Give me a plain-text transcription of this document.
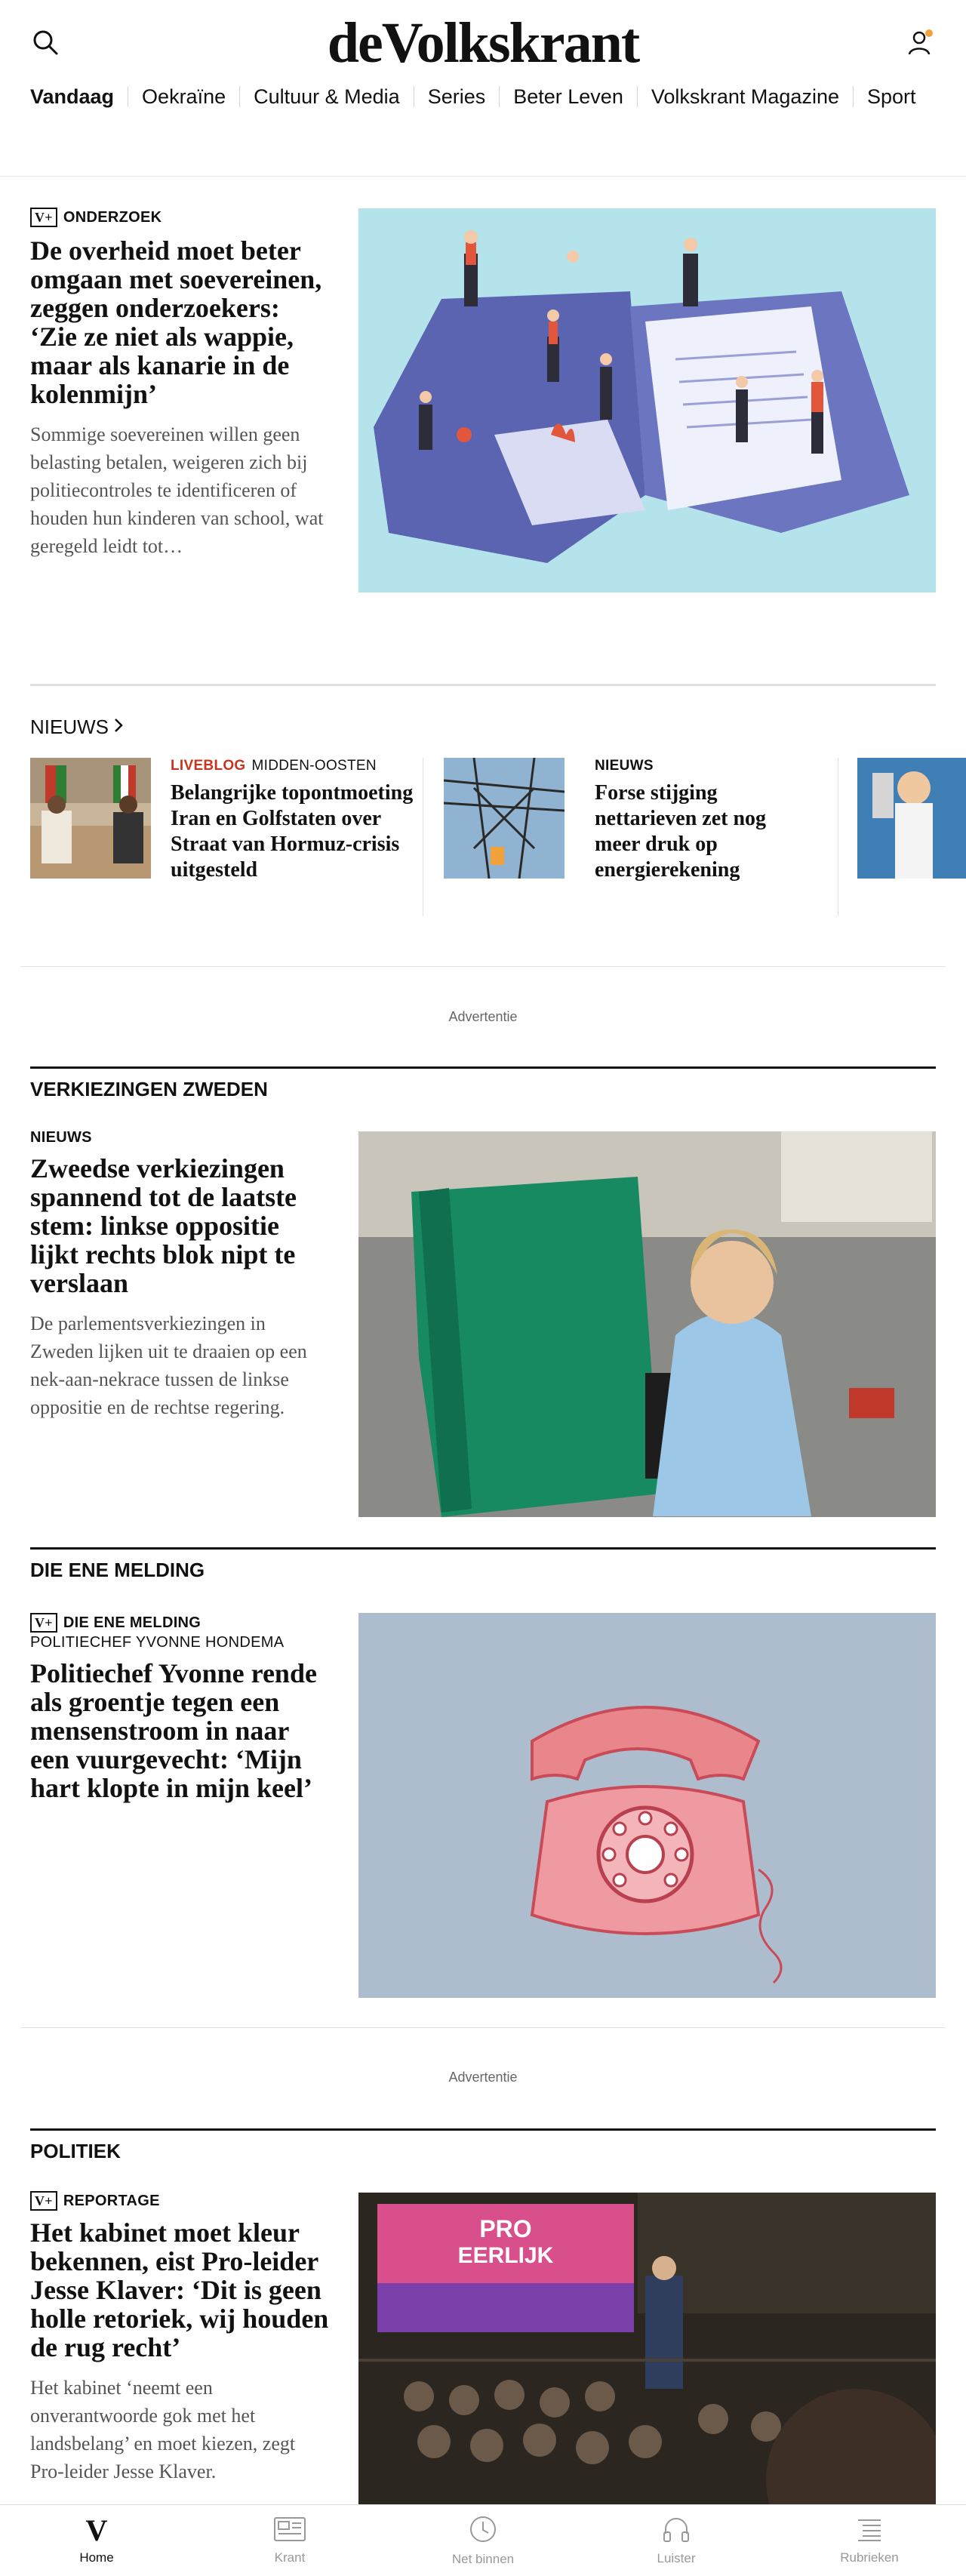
deVolkskrant
Vandaag	Oekraïne	Cultuur & Media	Series	Beter Leven	Volkskrant Magazine	Sport
V+ ONDERZOEK
De overheid moet beter omgaan met soevereinen, zeggen onderzoekers: ‘Zie ze niet als wappie, maar als kanarie in de kolenmijn’
Sommige soevereinen willen geen belasting betalen, weigeren zich bij politiecontroles te identificeren of houden hun kinderen van school, wat geregeld leidt tot…
NIEUWS
LIVEBLOG MIDDEN-OOSTEN
Belangrijke topontmoeting Iran en Golfstaten over Straat van Hormuz-crisis uitgesteld
NIEUWS
Forse stijging nettarieven zet nog meer druk op energierekening
Advertentie
VERKIEZINGEN ZWEDEN
NIEUWS
Zweedse verkiezingen spannend tot de laatste stem: linkse oppositie lijkt rechts blok nipt te verslaan
De parlementsverkiezingen in Zweden lijken uit te draaien op een nek-aan-nekrace tussen de linkse oppositie en de rechtse regering.
DIE ENE MELDING
V+ DIE ENE MELDING
POLITIECHEF YVONNE HONDEMA
Politiechef Yvonne rende als groentje tegen een mensenstroom in naar een vuurgevecht: ‘Mijn hart klopte in mijn keel’
Advertentie
POLITIEK
V+ REPORTAGE
Het kabinet moet kleur bekennen, eist Pro-leider Jesse Klaver: ‘Dit is geen holle retoriek, wij houden de rug recht’
Het kabinet ‘neemt een onverantwoorde gok met het landsbelang’ en moet kiezen, zegt Pro-leider Jesse Klaver.
PRO
EERLIJK
V
Home	Krant	Net binnen	Luister	Rubrieken
